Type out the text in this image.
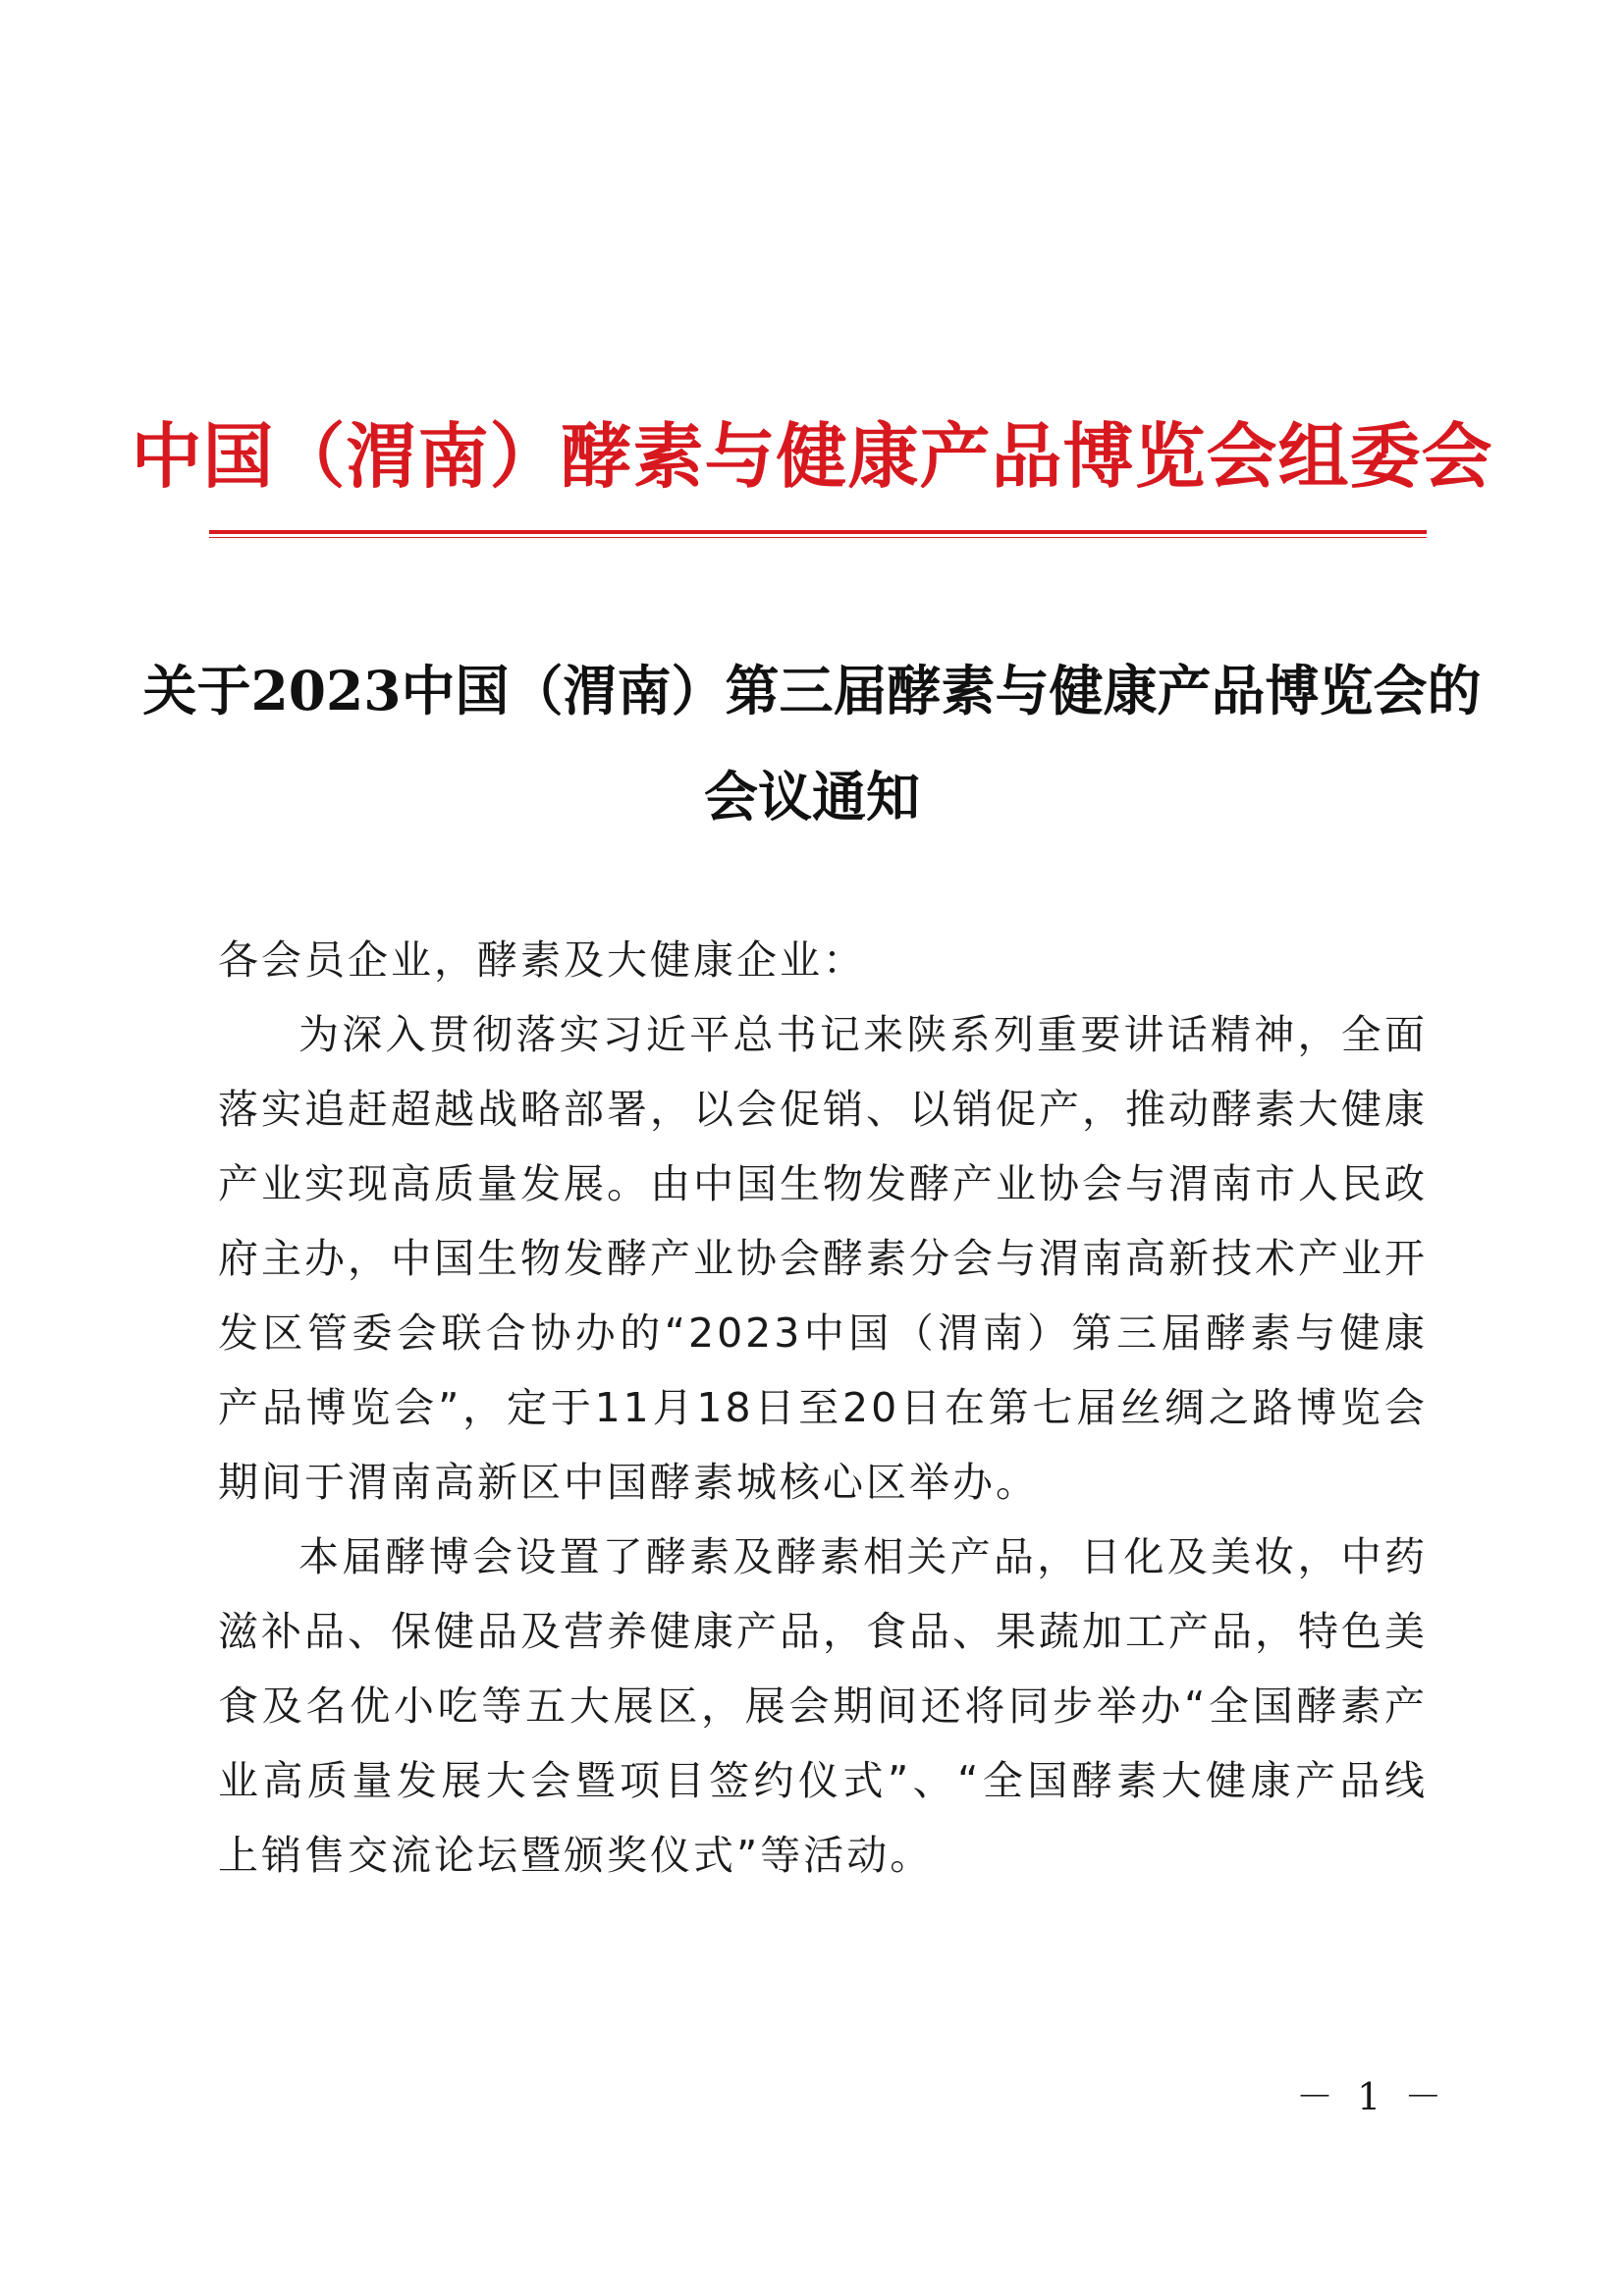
中国（渭南）酵素与健康产品博览会组委会
关于2023中国（渭南）第三届酵素与健康产品博览会的
会议通知

各会员企业，酵素及大健康企业：

为深入贯彻落实习近平总书记来陕系列重要讲话精神，全面落实追赶超越战略部署，以会促销、以销促产，推动酵素大健康产业实现高质量发展。由中国生物发酵产业协会与渭南市人民政府主办，中国生物发酵产业协会酵素分会与渭南高新技术产业开发区管委会联合协办的“2023中国（渭南）第三届酵素与健康产品博览会”，定于11月18日至20日在第七届丝绸之路博览会期间于渭南高新区中国酵素城核心区举办。

本届酵博会设置了酵素及酵素相关产品，日化及美妆，中药滋补品、保健品及营养健康产品，食品、果蔬加工产品，特色美食及名优小吃等五大展区，展会期间还将同步举办“全国酵素产业高质量发展大会暨项目签约仪式”、“全国酵素大健康产品线上销售交流论坛暨颁奖仪式”等活动。

－ 1 －
